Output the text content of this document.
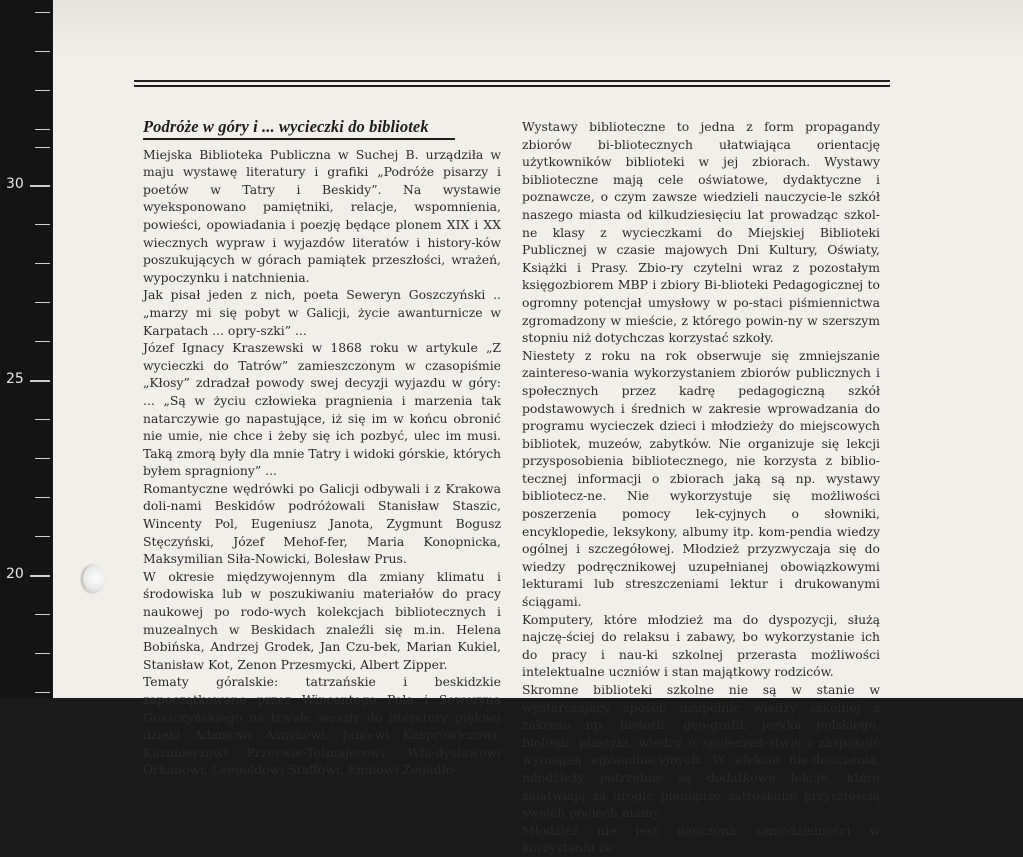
30
25
20
Podróże w góry i ... wycieczki do bibliotek

Miejska Biblioteka Publiczna w Suchej B. urządziła w maju wystawę literatury i grafiki „Podróże pisarzy i poetów w Tatry i Beskidy”. Na wystawie wyeksponowano pamiętniki, relacje, wspomnienia, powieści, opowiadania i poezję będące plonem XIX i XX wiecznych wypraw i wyjazdów literatów i history-ków poszukujących w górach pamiątek przeszłości, wrażeń, wypoczynku i natchnienia.

Jak pisał jeden z nich, poeta Seweryn Goszczyński .. „marzy mi się pobyt w Galicji, życie awanturnicze w Karpatach ... opry-szki” ...

Józef Ignacy Kraszewski w 1868 roku w artykule „Z wycieczki do Tatrów” zamieszczonym w czasopiśmie „Kłosy” zdradzał powody swej decyzji wyjazdu w góry: ... „Są w życiu człowieka pragnienia i marzenia tak natarczywie go napastujące, iż się im w końcu obronić nie umie, nie chce i żeby się ich pozbyć, ulec im musi. Taką zmorą były dla mnie Tatry i widoki górskie, których byłem spragniony” ...

Romantyczne wędrówki po Galicji odbywali i z Krakowa doli-nami Beskidów podróżowali Stanisław Staszic, Wincenty Pol, Eugeniusz Janota, Zygmunt Bogusz Stęczyński, Józef Mehof-fer, Maria Konopnicka, Maksymilian Siła-Nowicki, Bolesław Prus.

W okresie międzywojennym dla zmiany klimatu i środowiska lub w poszukiwaniu materiałów do pracy naukowej po rodo-wych kolekcjach bibliotecznych i muzealnych w Beskidach znaleźli się m.in. Helena Bobińska, Andrzej Grodek, Jan Czu-bek, Marian Kukiel, Stanisław Kot, Zenon Przesmycki, Albert Zipper.

Tematy góralskie: tatrzańskie i beskidzkie zapoczątkowane przez Wincentego Pola i Seweryna Goszczyńskiego na trwałe weszły do literatury pięknej dzięki Adamowi Asnykowi, Jano-wi Kasprowiczowi, Kazimierzowi Przerwie-Tetmajerowi, Wła-dysławowi Orkanowi, Leopoldowi Staffowi, Emilowi Zegadło-

Wystawy biblioteczne to jedna z form propagandy zbiorów bi-bliotecznych ułatwiająca orientację użytkowników biblioteki w jej zbiorach. Wystawy biblioteczne mają cele oświatowe, dydaktyczne i poznawcze, o czym zawsze wiedzieli nauczycie-le szkół naszego miasta od kilkudziesięciu lat prowadząc szkol-ne klasy z wycieczkami do Miejskiej Biblioteki Publicznej w czasie majowych Dni Kultury, Oświaty, Książki i Prasy. Zbio-ry czytelni wraz z pozostałym księgozbiorem MBP i zbiory Bi-blioteki Pedagogicznej to ogromny potencjał umysłowy w po-staci piśmiennictwa zgromadzony w mieście, z którego powin-ny w szerszym stopniu niż dotychczas korzystać szkoły.

Niestety z roku na rok obserwuje się zmniejszanie zaintereso-wania wykorzystaniem zbiorów publicznych i społecznych przez kadrę pedagogiczną szkół podstawowych i średnich w zakresie wprowadzania do programu wycieczek dzieci i młodzieży do miejscowych bibliotek, muzeów, zabytków. Nie organizuje się lekcji przysposobienia bibliotecznego, nie korzysta z biblio-tecznej informacji o zbiorach jaką są np. wystawy bibliotecz-ne. Nie wykorzystuje się możliwości poszerzenia pomocy lek-cyjnych o słowniki, encyklopedie, leksykony, albumy itp. kom-pendia wiedzy ogólnej i szczegółowej. Młodzież przyzwyczaja się do wiedzy podręcznikowej uzupełnianej obowiązkowymi lekturami lub streszczeniami lektur i drukowanymi ściągami.

Komputery, które młodzież ma do dyspozycji, służą najczę-ściej do relaksu i zabawy, bo wykorzystanie ich do pracy i nau-ki szkolnej przerasta możliwości intelektualne uczniów i stan majątkowy rodziców.

Skromne biblioteki szkolne nie są w stanie w wystarczający sposób uzupełnić wiedzy szkolnej z zakresu np. historii, geo-grafii, języka polskiego, biologii, plastyki, wiedzy o społeczeń-stwie i zaspokoić wymagań egzaminacyjnych. W efekcie nie-douczenia, młodzieży potrzebne są dodatkowe lekcje, które załatwiają za drogie pieniądze zatroskane przyszłością swoich pociech mamy.

Młodzież nie jest nauczona samodzielności w korzystaniu ze
